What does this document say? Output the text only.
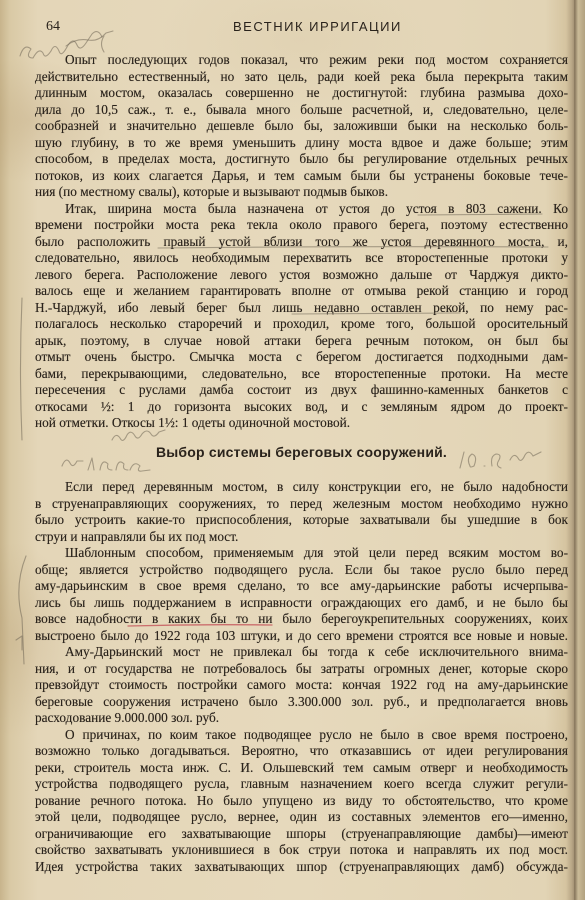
64	ВЕСТНИК ИРРИГАЦИИ
Опыт последующих годов показал, что режим реки под мостом сохраняется
действительно естественный, но зато цель, ради коей река была перекрыта таким
длинным мостом, оказалась совершенно не достигнутой: глубина размыва дохо-
дила до 10,5 саж., т. е., бывала много больше расчетной, и, следовательно, целе-
сообразней и значительно дешевле было бы, заложивши быки на несколько боль-
шую глубину, в то же время уменьшить длину моста вдвое и даже больше; этим
способом, в пределах моста, достигнуто было бы регулирование отдельных речных
потоков, из коих слагается Дарья, и тем самым были бы устранены боковые тече-
ния (по местному свалы), которые и вызывают подмыв быков.
Итак, ширина моста была назначена от устоя до устоя в 803 сажени. Ко
времени постройки моста река текла около правого берега, поэтому естественно
было расположить правый устой вблизи того же устоя деревянного моста, и,
следовательно, явилось необходимым перехватить все второстепенные протоки у
левого берега. Расположение левого устоя возможно дальше от Чарджуя дикто-
валось еще и желанием гарантировать вполне от отмыва рекой станцию и город
Н.-Чарджуй, ибо левый берег был лишь недавно оставлен рекой, по нему рас-
полагалось несколько староречий и проходил, кроме того, большой оросительный
арык, поэтому, в случае новой аттаки берега речным потоком, он был бы
отмыт очень быстро. Смычка моста с берегом достигается подходными дам-
бами, перекрывающими, следовательно, все второстепенные протоки. На месте
пересечения с руслами дамба состоит из двух фашинно-каменных банкетов с
откосами ½: 1 до горизонта высоких вод, и с земляным ядром до проект-
ной отметки. Откосы 1½: 1 одеты одиночной мостовой.
Выбор системы береговых сооружений.
Если перед деревянным мостом, в силу конструкции его, не было надобности
в струенаправляющих сооружениях, то перед железным мостом необходимо нужно
было устроить какие-то приспособления, которые захватывали бы ушедшие в бок
струи и направляли бы их под мост.
Шаблонным способом, применяемым для этой цели перед всяким мостом во-
обще; является устройство подводящего русла. Если бы такое русло было перед
аму-дарьинским в свое время сделано, то все аму-дарьинские работы исчерпыва-
лись бы лишь поддержанием в исправности ограждающих его дамб, и не было бы
вовсе надобности в каких бы то ни было берегоукрепительных сооружениях, коих
выстроено было до 1922 года 103 штуки, и до сего времени строятся все новые и новые.
Аму-Дарьинский мост не привлекал бы тогда к себе исключительного внима-
ния, и от государства не потребовалось бы затраты огромных денег, которые скоро
превзойдут стоимость постройки самого моста: кончая 1922 год на аму-дарьинские
береговые сооружения истрачено было 3.300.000 зол. руб., и предполагается вновь
расходование 9.000.000 зол. руб.
О причинах, по коим такое подводящее русло не было в свое время построено,
возможно только догадываться. Вероятно, что отказавшись от идеи регулирования
реки, строитель моста инж. С. И. Ольшевский тем самым отверг и необходимость
устройства подводящего русла, главным назначением коего всегда служит регули-
рование речного потока. Но было упущено из виду то обстоятельство, что кроме
этой цели, подводящее русло, вернее, один из составных элементов его—именно,
ограничивающие его захватывающие шпоры (струенаправляющие дамбы)—имеют
свойство захватывать уклонившиеся в бок струи потока и направлять их под мост.
Идея устройства таких захватывающих шпор (струенаправляющих дамб) обсужда-
